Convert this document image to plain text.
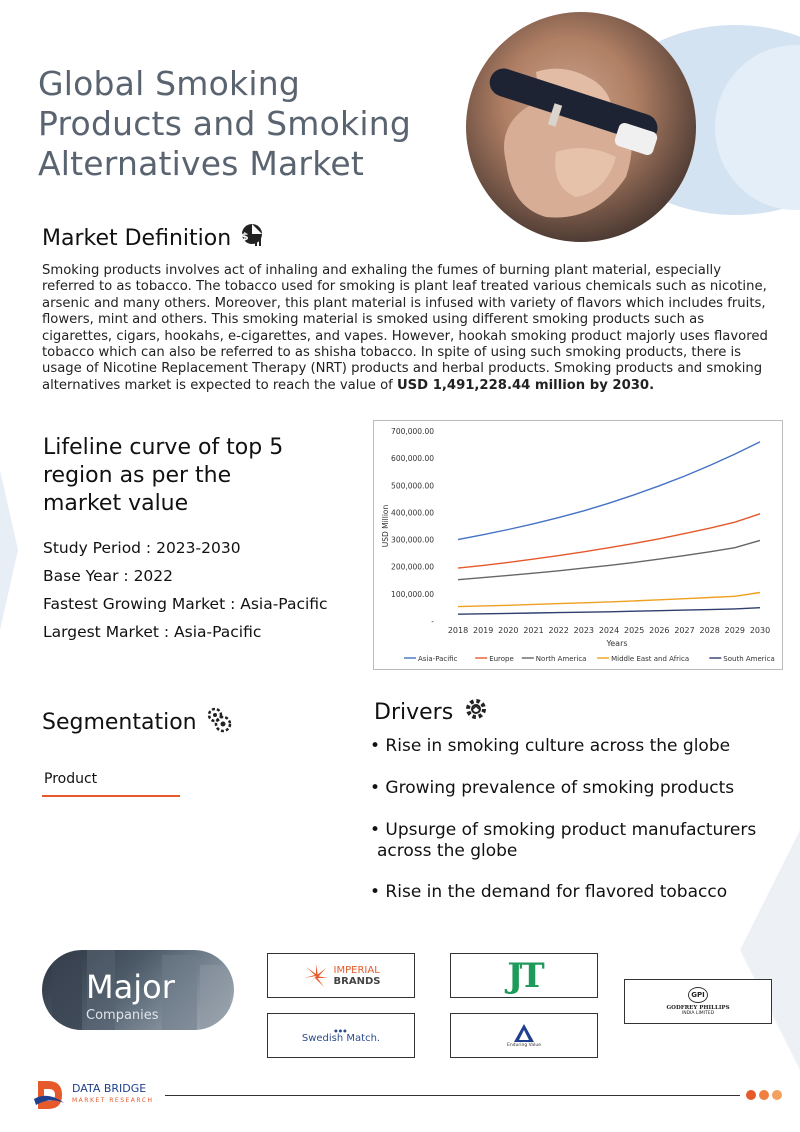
Global Smoking
Products and Smoking
Alternatives Market
Market Definition $
Smoking products involves act of inhaling and exhaling the fumes of burning plant material, especially referred to as tobacco. The tobacco used for smoking is plant leaf treated various chemicals such as nicotine, arsenic and many others. Moreover, this plant material is infused with variety of flavors which includes fruits, flowers, mint and others. This smoking material is smoked using different smoking products such as cigarettes, cigars, hookahs, e-cigarettes, and vapes. However, hookah smoking product majorly uses flavored tobacco which can also be referred to as shisha tobacco. In spite of using such smoking products, there is usage of Nicotine Replacement Therapy (NRT) products and herbal products. Smoking products and smoking alternatives market is expected to reach the value of USD 1,491,228.44 million by 2030.
Lifeline curve of top 5
region as per the
market value
Study Period : 2023-2030
Base Year : 2022
Fastest Growing Market : Asia-Pacific
Largest Market : Asia-Pacific
-
100,000.00
200,000.00
300,000.00
400,000.00
500,000.00
600,000.00
700,000.00
USD Million
2018 2019 2020 2021 2022 2023 2024 2025 2026 2027 2028 2029 2030
Years
Asia-Pacific	Europe	North America	Middle East and Africa	South America
Segmentation
Product
Drivers
• Rise in smoking culture across the globe
• Growing prevalence of smoking products
• Upsurge of smoking product manufacturers
across the globe
• Rise in the demand for flavored tobacco
Major
Companies
IMPERIAL
BRANDS	JT	GPI
GODFREY PHILLIPS
INDIA LIMITED
●●●
Swedish Match.
Enduring Value
DATA BRIDGE
MARKET RESEARCH
